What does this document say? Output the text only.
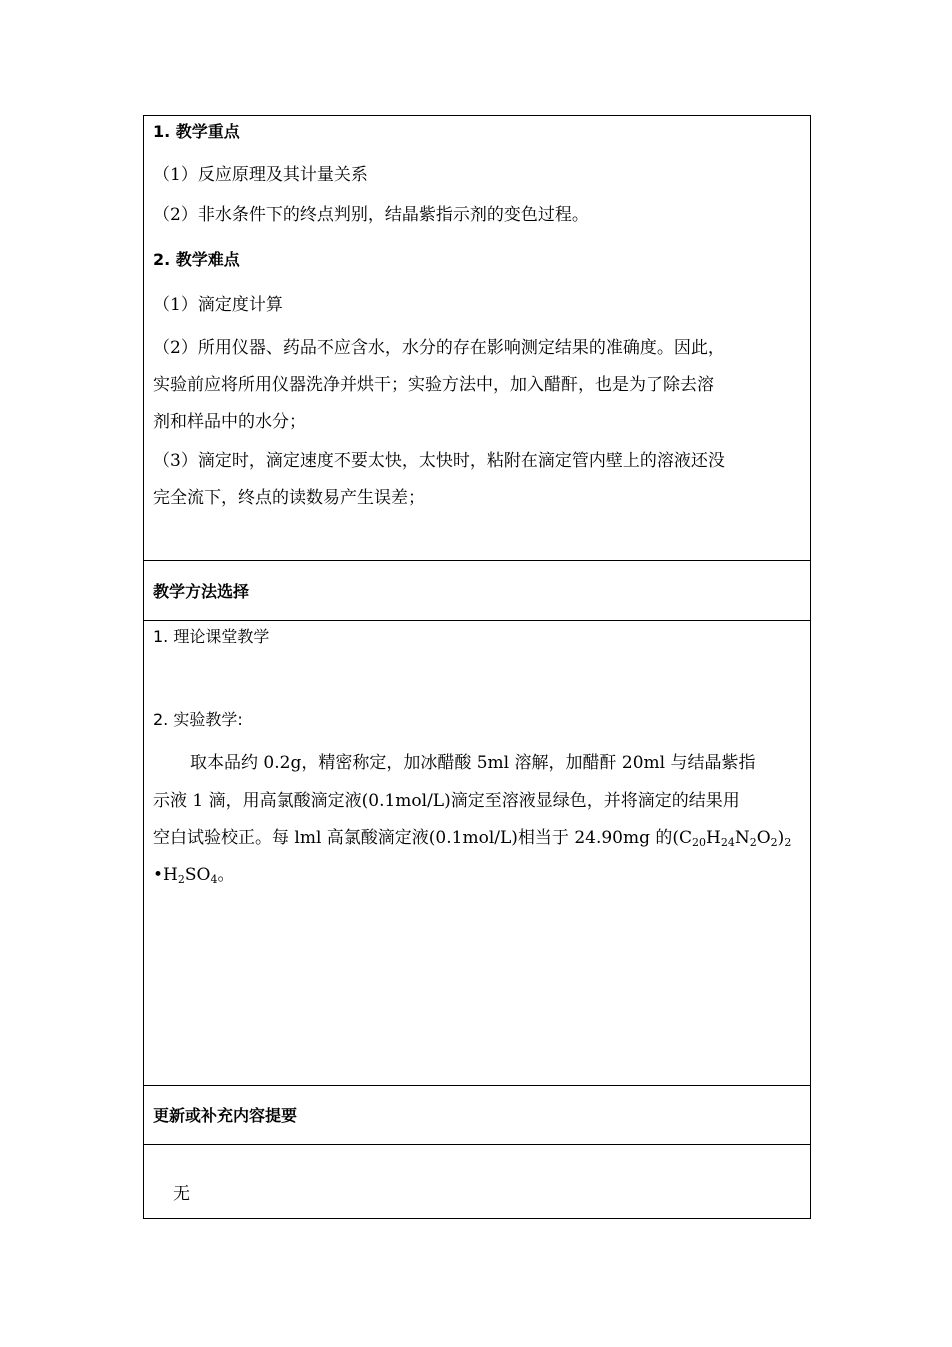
1. 教学重点
（1）反应原理及其计量关系
（2）非水条件下的终点判别，结晶紫指示剂的变色过程。
2. 教学难点
（1）滴定度计算
（2）所用仪器、药品不应含水，水分的存在影响测定结果的准确度。因此，
实验前应将所用仪器洗净并烘干；实验方法中，加入醋酐，也是为了除去溶
剂和样品中的水分；
（3）滴定时，滴定速度不要太快，太快时，粘附在滴定管内壁上的溶液还没
完全流下，终点的读数易产生误差；
教学方法选择
1. 理论课堂教学
2. 实验教学:
取本品约 0.2g，精密称定，加冰醋酸 5ml 溶解，加醋酐 20ml 与结晶紫指
示液 1 滴，用高氯酸滴定液(0.1mol/L)滴定至溶液显绿色，并将滴定的结果用
空白试验校正。每 lml 高氯酸滴定液(0.1mol/L)相当于 24.90mg 的$(C_{20}H_{24}N_2O_2)_2$
$•H_2SO_4$。
更新或补充内容提要
无
